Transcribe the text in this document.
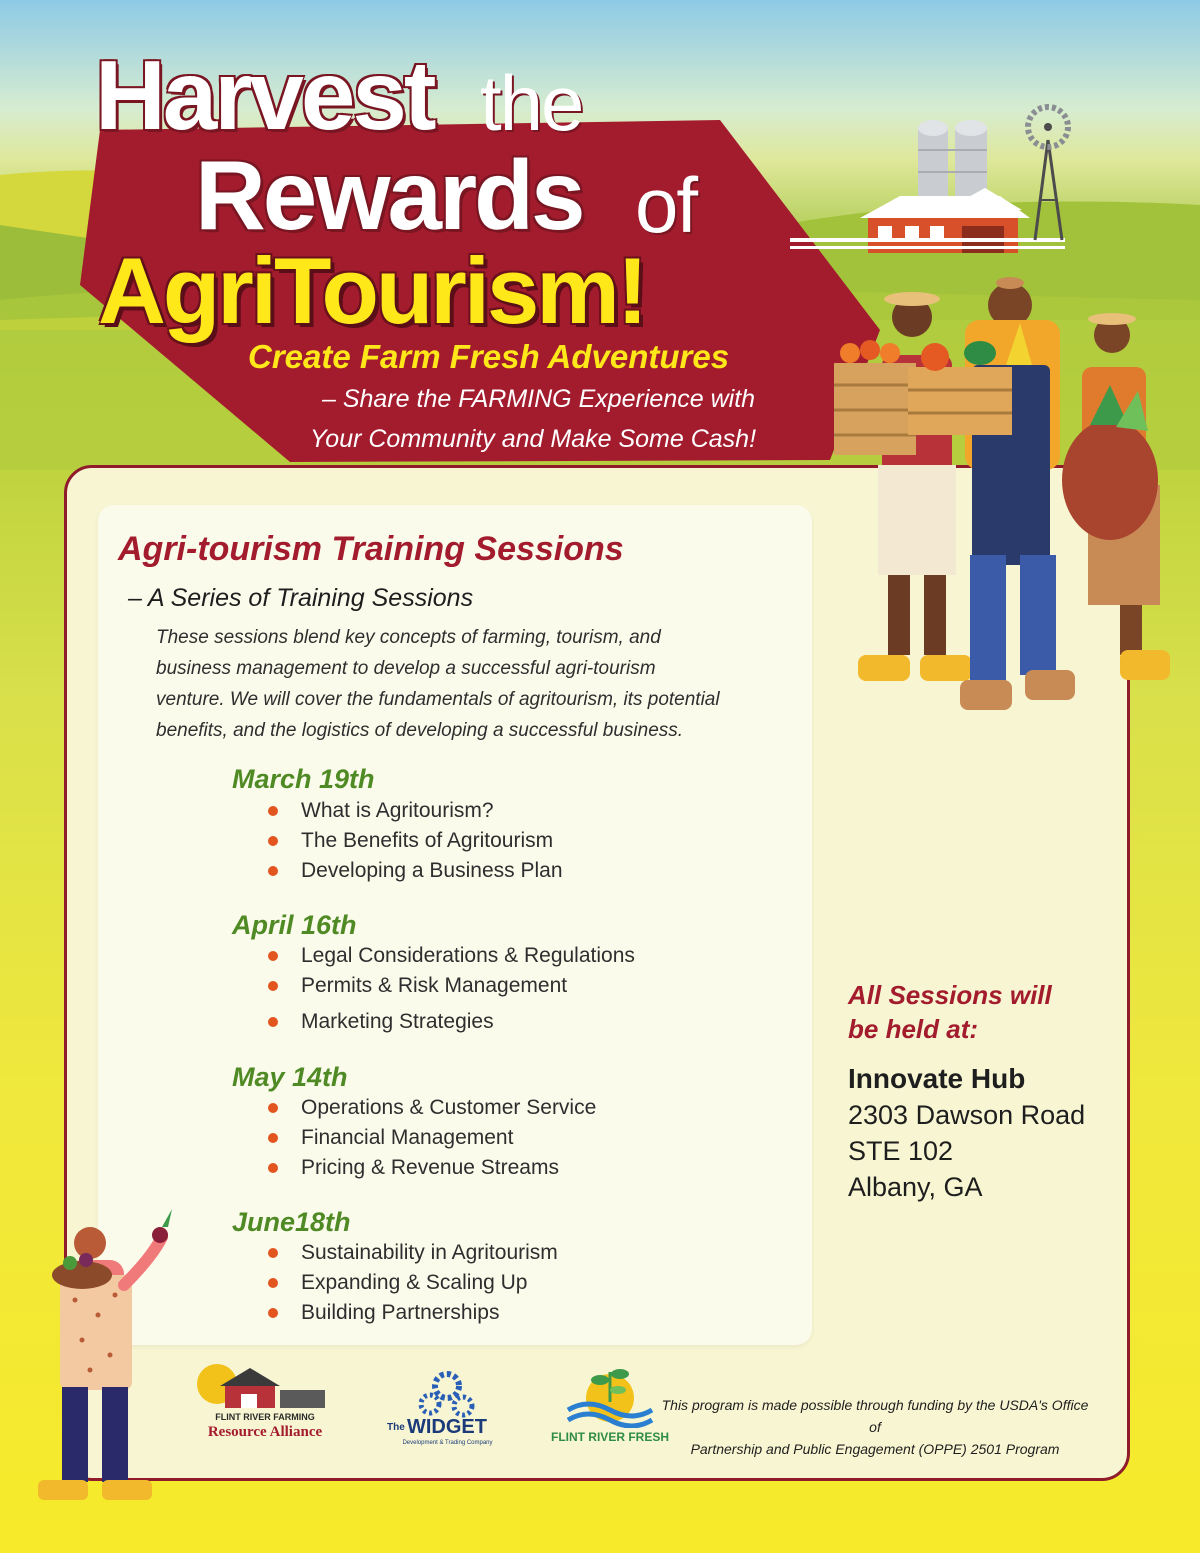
Harvest the
Rewards of
AgriTourism!

Create Farm Fresh Adventures

– Share the FARMING Experience with

Your Community and Make Some Cash!

Agri-tourism Training Sessions

– A Series of Training Sessions

These sessions blend key concepts of farming, tourism, and
business management to develop a successful agri-tourism
venture. We will cover the fundamentals of agritourism, its potential
benefits, and the logistics of developing a successful business.

March 19th

What is Agritourism?
The Benefits of Agritourism
Developing a Business Plan

April 16th

Legal Considerations & Regulations
Permits & Risk Management
Marketing Strategies

May 14th

Operations & Customer Service
Financial Management
Pricing & Revenue Streams

June18th

Sustainability in Agritourism
Expanding & Scaling Up
Building Partnerships

All Sessions will
be held at:

Innovate Hub

2303 Dawson Road

STE 102

Albany, GA

FLINT RIVER FARMING

Resource Alliance	The WIDGET

Development & Trading Company	FLINT RIVER FRESH

This program is made possible through funding by the USDA's Office of
Partnership and Public Engagement (OPPE) 2501 Program
